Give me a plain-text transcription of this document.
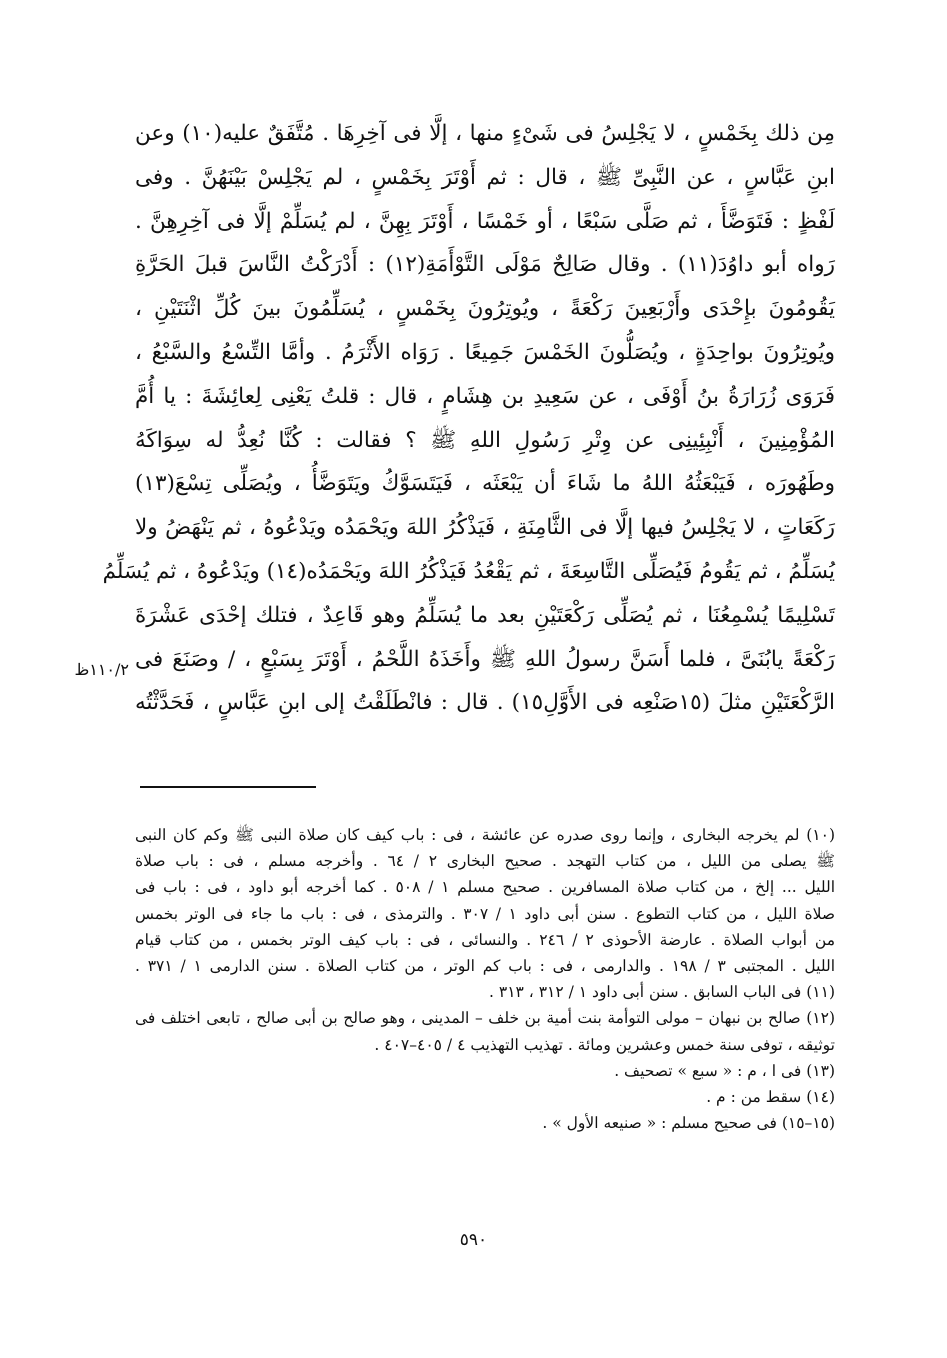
مِن ذلك بِخَمْسٍ ، لا يَجْلِسُ فى شَىْءٍ منها ، إلَّا فى آخِرِهَا . مُتَّفَقٌ عليه(١٠) وعن
ابنِ عَبَّاسٍ ، عن النَّبِىِّ ﷺ ، قال : ثم أَوْتَرَ بِخَمْسٍ ، لم يَجْلِسْ بَيْنَهُنَّ . وفى
لَفْظٍ : فَتَوَضَّأَ ، ثم صَلَّى سَبْعًا ، أو خَمْسًا ، أَوْتَرَ بِهِنَّ ، لم يُسَلِّمْ إلَّا فى آخِرِهِنَّ .
رَواه أبو داوُدَ(١١) . وقال صَالِحٌ مَوْلَى التَّوْأَمَةِ(١٢) : أَدْرَكْتُ النَّاسَ قبلَ الحَرَّةِ
يَقُومُونَ بإِحْدَى وأَرْبَعِينَ رَكْعَةً ، ويُوتِرُونَ بِخَمْسٍ ، يُسَلِّمُونَ بينَ كُلِّ اثْنَتَيْنِ ،
ويُوتِرُونَ بواحِدَةٍ ، ويُصَلُّونَ الخَمْسَ جَمِيعًا . رَوَاه الأَثْرَمُ . وأمَّا التِّسْعُ والسَّبْعُ ،
فَرَوَى زُرَارَةُ بنُ أَوْفَى ، عن سَعِيدِ بن هِشَامٍ ، قال : قلتُ يَعْنِى لِعائِشَةَ : يا أُمَّ
المُؤْمِنِينَ ، أَنْبِئِينِى عن وِتْرِ رَسُولِ اللهِ ﷺ ؟ فقالت : كُنَّا نُعِدُّ له سِوَاكَهُ
وطَهُورَه ، فَيَبْعَثُهُ اللهُ ما شَاءَ أن يَبْعَثَه ، فَيَتَسَوَّكُ ويَتَوَضَّأُ ، ويُصَلِّى تِسْعَ(١٣)
رَكَعَاتٍ ، لا يَجْلِسُ فيها إلَّا فى الثَّامِنَةِ ، فَيَذْكُرُ اللهَ ويَحْمَدُه ويَدْعُوهُ ، ثم يَنْهَضُ ولا
يُسَلِّمُ ، ثم يَقُومُ فَيُصَلِّى التَّاسِعَةَ ، ثم يَقْعُدُ فَيَذْكُرُ اللهَ ويَحْمَدُه(١٤) ويَدْعُوهُ ، ثم يُسَلِّمُ
تَسْلِيمًا يُسْمِعُنَا ، ثم يُصَلِّى رَكْعَتَيْنِ بعد ما يُسَلِّمُ وهو قَاعِدٌ ، فتلك إحْدَى عَشْرَةَ
رَكْعَةً يابُنَىَّ ، فلما أَسَنَّ رسولُ اللهِ ﷺ وأَخَذَهُ اللَّحْمُ ، أَوْتَرَ بِسَبْعٍ ، / وصَنَعَ فى
الرَّكْعَتَيْنِ مثلَ (١٥صَنْعِه فى الأَوَّلِ١٥) . قال : فانْطَلَقْتُ إلى ابنِ عَبَّاسٍ ، فَحَدَّثْتُه
١١٠/٢ظ
(١٠) لم يخرجه البخارى ، وإنما روى صدره عن عائشة ، فى : باب كيف كان صلاة النبى ﷺ وكم كان النبى
ﷺ يصلى من الليل ، من كتاب التهجد . صحيح البخارى ٢ / ٦٤ . وأخرجه مسلم ، فى : باب صلاة
الليل ... إلخ ، من كتاب صلاة المسافرين . صحيح مسلم ١ / ٥٠٨ . كما أخرجه أبو داود ، فى : باب فى
صلاة الليل ، من كتاب التطوع . سنن أبى داود ١ / ٣٠٧ . والترمذى ، فى : باب ما جاء فى الوتر بخمس
من أبواب الصلاة . عارضة الأحوذى ٢ / ٢٤٦ . والنسائى ، فى : باب كيف الوتر بخمس ، من كتاب قيام
الليل . المجتبى ٣ / ١٩٨ . والدارمى ، فى : باب كم الوتر ، من كتاب الصلاة . سنن الدارمى ١ / ٣٧١ .
(١١) فى الباب السابق . سنن أبى داود ١ / ٣١٢ ، ٣١٣ .
(١٢) صالح بن نبهان – مولى التوأمة بنت أمية بن خلف – المدينى ، وهو صالح بن أبى صالح ، تابعى اختلف فى
توثيقه ، توفى سنة خمس وعشرين ومائة . تهذيب التهذيب ٤ / ٤٠٥–٤٠٧ .
(١٣) فى ا ، م : « سبع » تصحيف .
(١٤) سقط من : م .
(١٥–١٥) فى صحيح مسلم : « صنيعه الأول » .
٥٩٠
